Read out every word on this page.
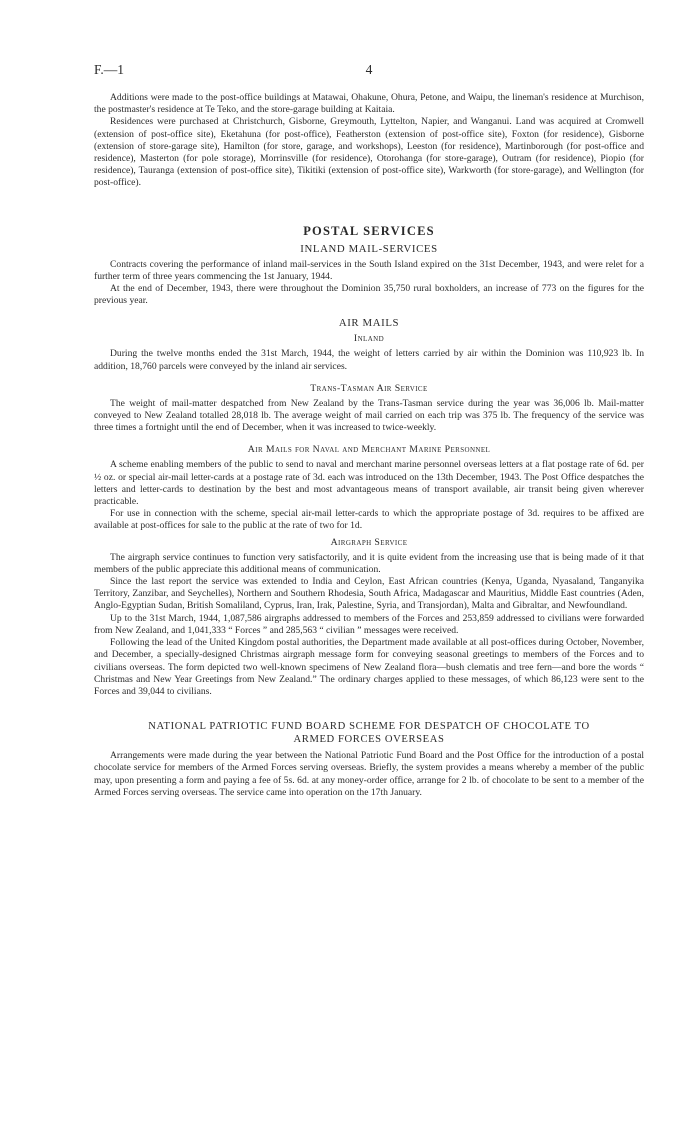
F.—1	4

Additions were made to the post-office buildings at Matawai, Ohakune, Ohura, Petone, and Waipu, the lineman's residence at Murchison, the postmaster's residence at Te Teko, and the store-garage building at Kaitaia.

Residences were purchased at Christchurch, Gisborne, Greymouth, Lyttelton, Napier, and Wanganui. Land was acquired at Cromwell (extension of post-office site), Eketahuna (for post-office), Featherston (extension of post-office site), Foxton (for residence), Gisborne (extension of store-garage site), Hamilton (for store, garage, and workshops), Leeston (for residence), Martinborough (for post-office and residence), Masterton (for pole storage), Morrinsville (for residence), Otorohanga (for store-garage), Outram (for residence), Piopio (for residence), Tauranga (extension of post-office site), Tikitiki (extension of post-office site), Warkworth (for store-garage), and Wellington (for post-office).

POSTAL SERVICES
INLAND MAIL-SERVICES

Contracts covering the performance of inland mail-services in the South Island expired on the 31st December, 1943, and were relet for a further term of three years commencing the 1st January, 1944.

At the end of December, 1943, there were throughout the Dominion 35,750 rural boxholders, an increase of 773 on the figures for the previous year.

AIR MAILS
Inland

During the twelve months ended the 31st March, 1944, the weight of letters carried by air within the Dominion was 110,923 lb. In addition, 18,760 parcels were conveyed by the inland air services.

Trans-Tasman Air Service

The weight of mail-matter despatched from New Zealand by the Trans-Tasman service during the year was 36,006 lb. Mail-matter conveyed to New Zealand totalled 28,018 lb. The average weight of mail carried on each trip was 375 lb. The frequency of the service was three times a fortnight until the end of December, when it was increased to twice-weekly.

Air Mails for Naval and Merchant Marine Personnel

A scheme enabling members of the public to send to naval and merchant marine personnel overseas letters at a flat postage rate of 6d. per ½ oz. or special air-mail letter-cards at a postage rate of 3d. each was introduced on the 13th December, 1943. The Post Office despatches the letters and letter-cards to destination by the best and most advantageous means of transport available, air transit being given wherever practicable.

For use in connection with the scheme, special air-mail letter-cards to which the appropriate postage of 3d. requires to be affixed are available at post-offices for sale to the public at the rate of two for 1d.

Airgraph Service

The airgraph service continues to function very satisfactorily, and it is quite evident from the increasing use that is being made of it that members of the public appreciate this additional means of communication.

Since the last report the service was extended to India and Ceylon, East African countries (Kenya, Uganda, Nyasaland, Tanganyika Territory, Zanzibar, and Seychelles), Northern and Southern Rhodesia, South Africa, Madagascar and Mauritius, Middle East countries (Aden, Anglo-Egyptian Sudan, British Somaliland, Cyprus, Iran, Irak, Palestine, Syria, and Transjordan), Malta and Gibraltar, and Newfoundland.

Up to the 31st March, 1944, 1,087,586 airgraphs addressed to members of the Forces and 253,859 addressed to civilians were forwarded from New Zealand, and 1,041,333 “ Forces ” and 285,563 “ civilian ” messages were received.

Following the lead of the United Kingdom postal authorities, the Department made available at all post-offices during October, November, and December, a specially-designed Christmas airgraph message form for conveying seasonal greetings to members of the Forces and to civilians overseas. The form depicted two well-known specimens of New Zealand flora—bush clematis and tree fern—and bore the words “ Christmas and New Year Greetings from New Zealand.” The ordinary charges applied to these messages, of which 86,123 were sent to the Forces and 39,044 to civilians.

NATIONAL PATRIOTIC FUND BOARD SCHEME FOR DESPATCH OF CHOCOLATE TO
ARMED FORCES OVERSEAS

Arrangements were made during the year between the National Patriotic Fund Board and the Post Office for the introduction of a postal chocolate service for members of the Armed Forces serving overseas. Briefly, the system provides a means whereby a member of the public may, upon presenting a form and paying a fee of 5s. 6d. at any money-order office, arrange for 2 lb. of chocolate to be sent to a member of the Armed Forces serving overseas. The service came into operation on the 17th January.
